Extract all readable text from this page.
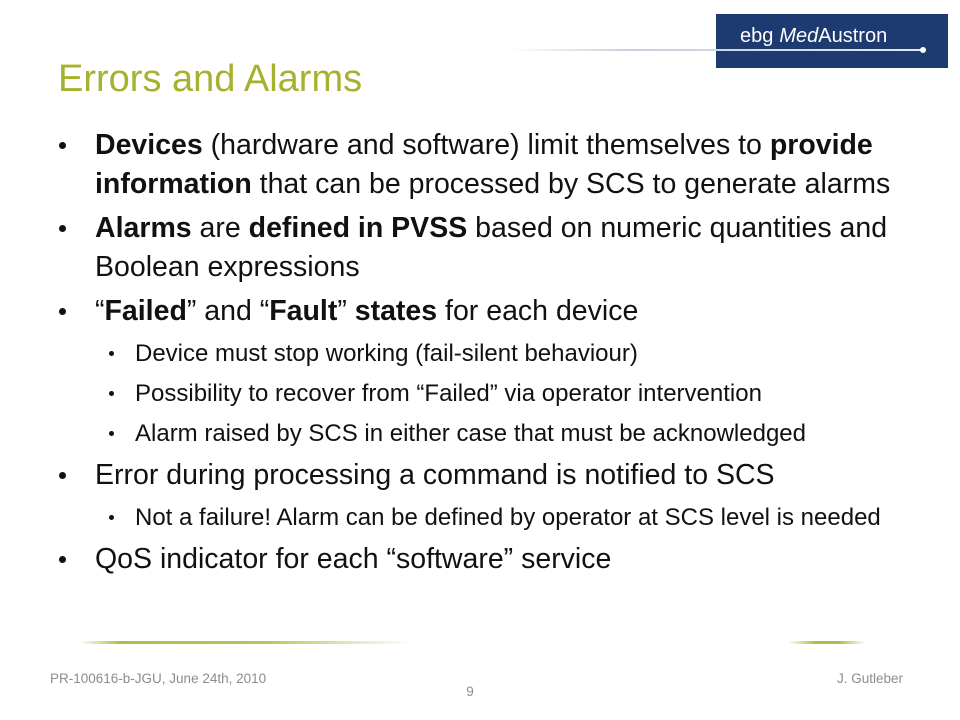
ebg MedAustron
Errors and Alarms
Devices (hardware and software) limit themselves to provide
information that can be processed by SCS to generate alarms
Alarms are defined in PVSS based on numeric quantities and
Boolean expressions
“Failed” and “Fault” states for each device
Device must stop working (fail-silent behaviour)
Possibility to recover from “Failed” via operator intervention
Alarm raised by SCS in either case that must be acknowledged
Error during processing a command is notified to SCS
Not a failure! Alarm can be defined by operator at SCS level is needed
QoS indicator for each “software” service
PR-100616-b-JGU, June 24th, 2010	J. Gutleber
9
